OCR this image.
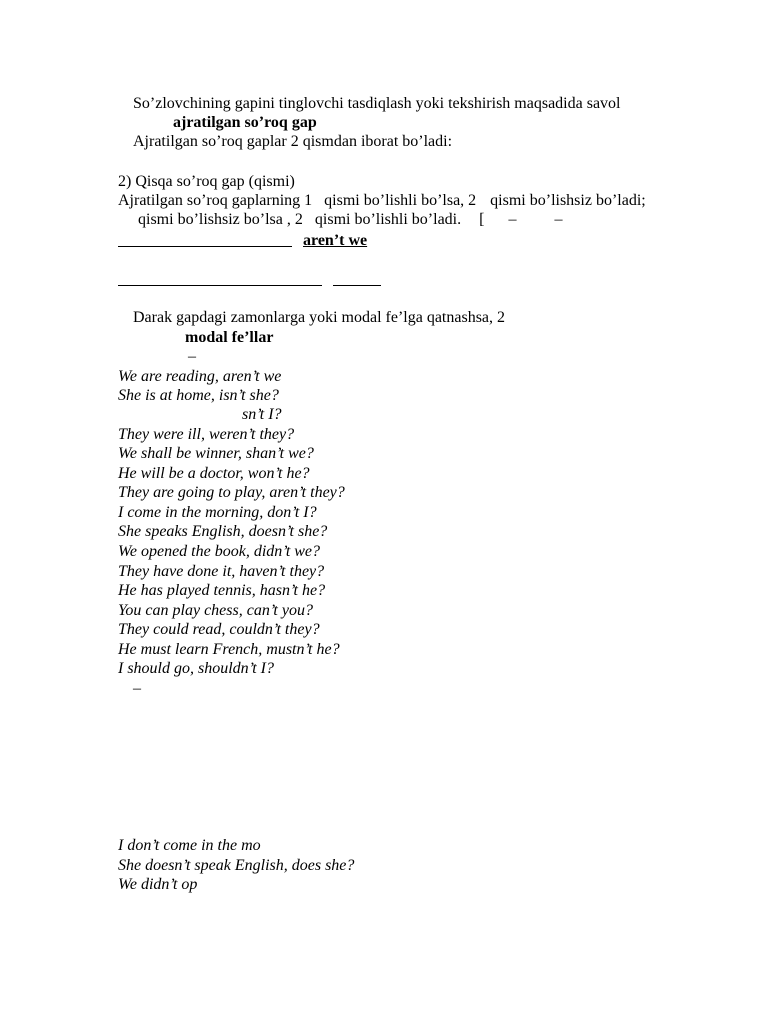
So’zlovchining gapini tinglovchi tasdiqlash yoki tekshirish maqsadida savol
ajratilgan so’roq gap
Ajratilgan so’roq gaplar 2 qismdan iborat bo’ladi:
2) Qisqa so’roq gap (qismi)
Ajratilgan so’roq gaplarning 1 qismi bo’lishli bo’lsa, 2 qismi bo’lishsiz bo’ladi;
qismi bo’lishsiz bo’lsa , 2 qismi bo’lishli bo’ladi. [ – –
aren’t we
Darak gapdagi zamonlarga yoki modal fe’lga qatnashsa, 2
modal fe’llar
–
We are reading, aren’t we
She is at home, isn’t she?
sn’t I?
They were ill, weren’t they?
We shall be winner, shan’t we?
He will be a doctor, won’t he?
They are going to play, aren’t they?
I come in the morning, don’t I?
She speaks English, doesn’t she?
We opened the book, didn’t we?
They have done it, haven’t they?
He has played tennis, hasn’t he?
You can play chess, can’t you?
They could read, couldn’t they?
He must learn French, mustn’t he?
I should go, shouldn’t I?
–
I don’t come in the mo
She doesn’t speak English, does she?
We didn’t op
